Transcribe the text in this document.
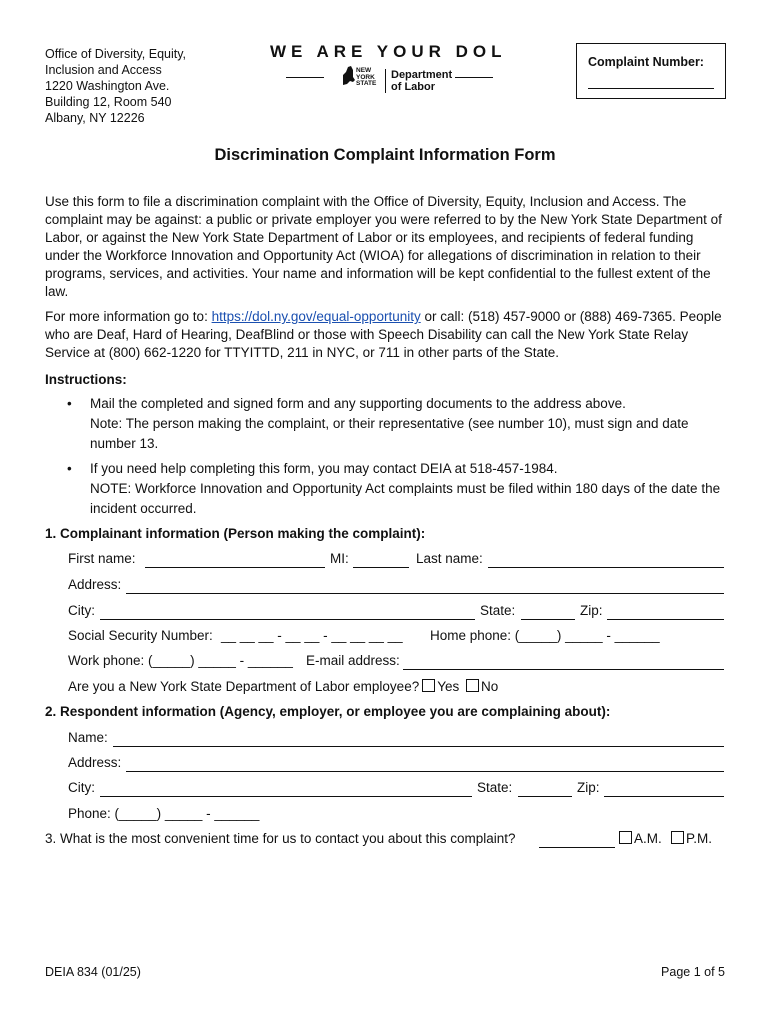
Office of Diversity, Equity,
Inclusion and Access
1220 Washington Ave.
Building 12, Room 540
Albany, NY 12226
WE ARE YOUR DOL
NEW
YORK
STATE
Department
of Labor
Complaint Number:
Discrimination Complaint Information Form
Use this form to file a discrimination complaint with the Office of Diversity, Equity, Inclusion and Access. The complaint may be against: a public or private employer you were referred to by the New York State Department of Labor, or against the New York State Department of Labor or its employees, and recipients of federal funding under the Workforce Innovation and Opportunity Act (WIOA) for allegations of discrimination in relation to their programs, services, and activities. Your name and information will be kept confidential to the fullest extent of the law.
For more information go to: https://dol.ny.gov/equal-opportunity or call: (518) 457-9000 or (888) 469-7365. People who are Deaf, Hard of Hearing, DeafBlind or those with Speech Disability can call the New York State Relay Service at (800) 662-1220 for TTYITTD, 211 in NYC, or 711 in other parts of the State.
Instructions:
• Mail the completed and signed form and any supporting documents to the address above.
Note: The person making the complaint, or their representative (see number 10), must sign and date number 13.
• If you need help completing this form, you may contact DEIA at 518-457-1984.
NOTE: Workforce Innovation and Opportunity Act complaints must be filed within 180 days of the date the incident occurred.
1. Complainant information (Person making the complaint):
First name:	MI:	Last name:
Address:
City:	State:	Zip:
Social Security Number: __ __ __ - __ __ - __ __ __ __ Home phone: (_____) _____ - ______
Work phone: (_____) _____ - ______ E-mail address:
Are you a New York State Department of Labor employee? Yes No
2. Respondent information (Agency, employer, or employee you are complaining about):
Name:
Address:
City:	State:	Zip:
Phone: (_____) _____ - ______
3. What is the most convenient time for us to contact you about this complaint?	A.M.	P.M.
DEIA 834 (01/25)	Page 1 of 5
